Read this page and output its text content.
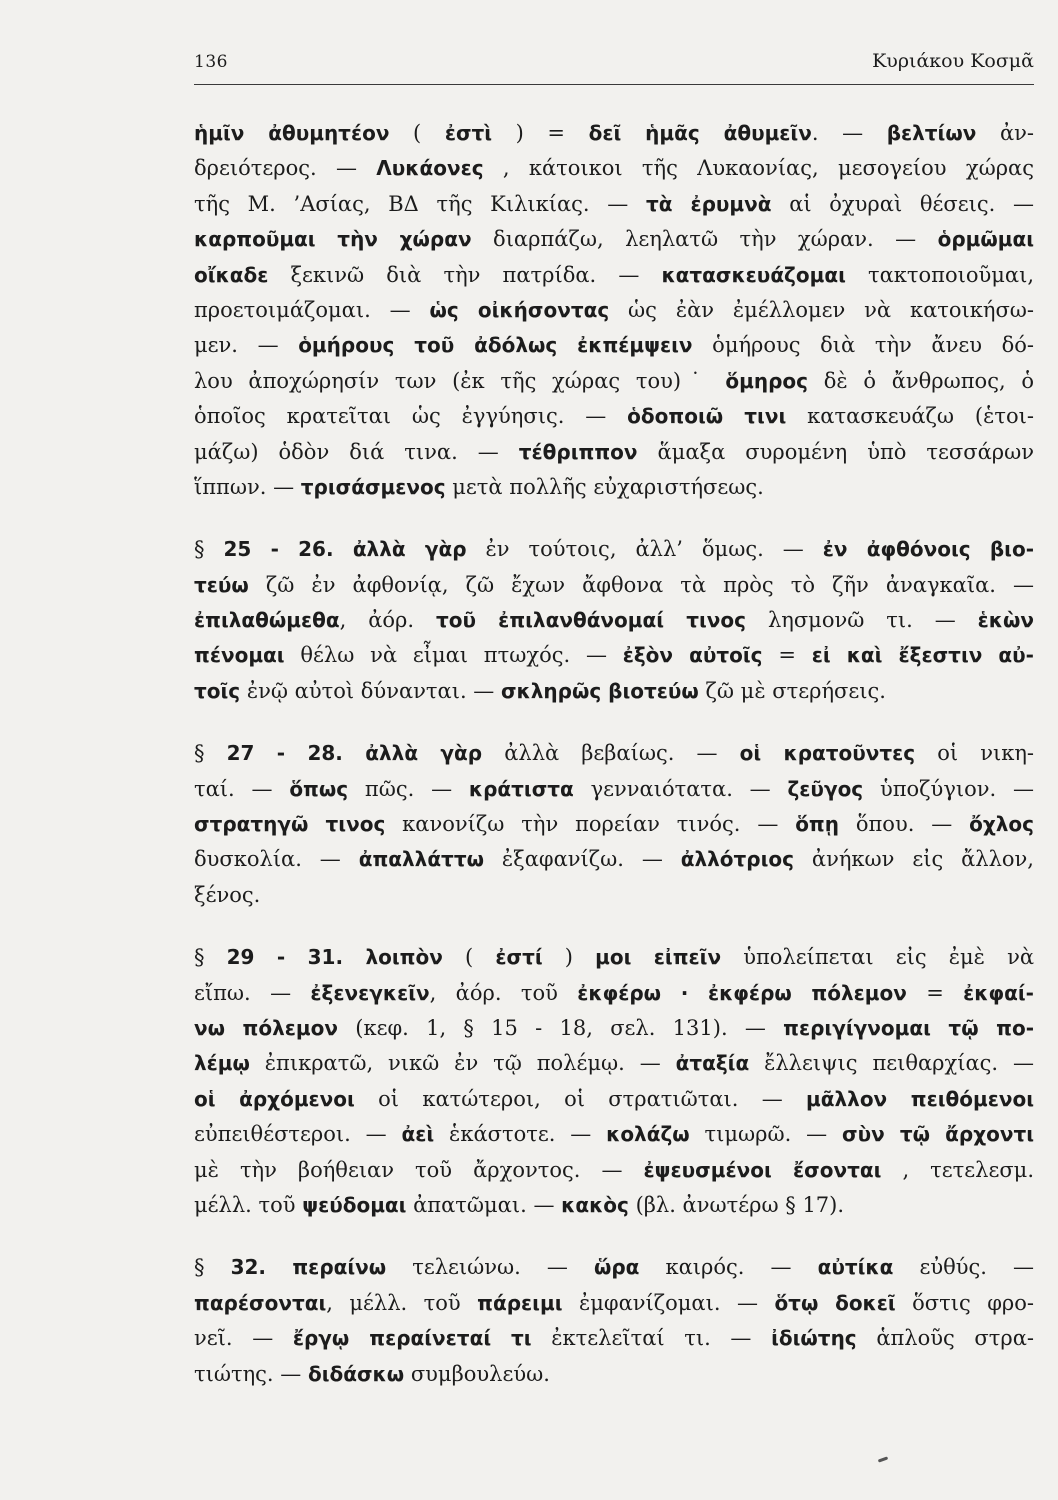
136	Κυριάκου Κοσμᾶ
ἡμῖν ἀθυμητέον ( ἐστὶ ) = δεῖ ἡμᾶς ἀθυμεῖν. — βελτίων ἀν-
δρειότερος. — Λυκάονες , κάτοικοι τῆς Λυκαονίας, μεσογείου χώρας
τῆς Μ. ’Ασίας, ΒΔ τῆς Κιλικίας. — τὰ ἐρυμνὰ αἱ ὀχυραὶ θέσεις. —
καρποῦμαι τὴν χώραν διαρπάζω, λεηλατῶ τὴν χώραν. — ὁρμῶμαι
οἴκαδε ξεκινῶ διὰ τὴν πατρίδα. — κατασκευάζομαι τακτοποιοῦμαι,
προετοιμάζομαι. — ὡς οἰκήσοντας ὡς ἐὰν ἐμέλλομεν νὰ κατοικήσω-
μεν. — ὁμήρους τοῦ ἀδόλως ἐκπέμψειν ὁμήρους διὰ τὴν ἄνευ δό-
λου ἀποχώρησίν των (ἐκ τῆς χώρας του)˙ ὅμηρος δὲ ὁ ἄνθρωπος, ὁ
ὁποῖος κρατεῖται ὡς ἐγγύησις. — ὁδοποιῶ τινι κατασκευάζω (ἑτοι-
μάζω) ὁδὸν διά τινα. — τέθριππον ἅμαξα συρομένη ὑπὸ τεσσάρων
ἵππων. — τρισάσμενος μετὰ πολλῆς εὐχαριστήσεως.
§ 25 - 26. ἀλλὰ γὰρ ἐν τούτοις, ἀλλ’ ὅμως. — ἐν ἀφθόνοις βιο-
τεύω ζῶ ἐν ἀφθονίᾳ, ζῶ ἔχων ἄφθονα τὰ πρὸς τὸ ζῆν ἀναγκαῖα. —
ἐπιλαθώμεθα, ἀόρ. τοῦ ἐπιλανθάνομαί τινος λησμονῶ τι. — ἑκὼν
πένομαι θέλω νὰ εἶμαι πτωχός. — ἐξὸν αὐτοῖς = εἰ καὶ ἔξεστιν αὐ-
τοῖς ἐνῷ αὐτοὶ δύνανται. — σκληρῶς βιοτεύω ζῶ μὲ στερήσεις.
§ 27 - 28. ἀλλὰ γὰρ ἀλλὰ βεβαίως. — οἱ κρατοῦντες οἱ νικη-
ταί. — ὅπως πῶς. — κράτιστα γενναιότατα. — ζεῦγος ὑποζύγιον. —
στρατηγῶ τινος κανονίζω τὴν πορείαν τινός. — ὅπῃ ὅπου. — ὄχλος
δυσκολία. — ἀπαλλάττω ἐξαφανίζω. — ἀλλότριος ἀνήκων εἰς ἄλλον,
ξένος.
§ 29 - 31. λοιπὸν ( ἐστί ) μοι εἰπεῖν ὑπολείπεται εἰς ἐμὲ νὰ
εἴπω. — ἐξενεγκεῖν, ἀόρ. τοῦ ἐκφέρω · ἐκφέρω πόλεμον = ἐκφαί-
νω πόλεμον (κεφ. 1, § 15 - 18, σελ. 131). — περιγίγνομαι τῷ πο-
λέμῳ ἐπικρατῶ, νικῶ ἐν τῷ πολέμῳ. — ἀταξία ἔλλειψις πειθαρχίας. —
οἱ ἀρχόμενοι οἱ κατώτεροι, οἱ στρατιῶται. — μᾶλλον πειθόμενοι
εὐπειθέστεροι. — ἀεὶ ἑκάστοτε. — κολάζω τιμωρῶ. — σὺν τῷ ἄρχοντι
μὲ τὴν βοήθειαν τοῦ ἄρχοντος. — ἐψευσμένοι ἔσονται , τετελεσμ.
μέλλ. τοῦ ψεύδομαι ἀπατῶμαι. — κακὸς (βλ. ἀνωτέρω § 17).
§ 32. περαίνω τελειώνω. — ὥρα καιρός. — αὐτίκα εὐθύς. —
παρέσονται, μέλλ. τοῦ πάρειμι ἐμφανίζομαι. — ὅτῳ δοκεῖ ὅστις φρο-
νεῖ. — ἔργῳ περαίνεταί τι ἐκτελεῖταί τι. — ἰδιώτης ἁπλοῦς στρα-
τιώτης. — διδάσκω συμβουλεύω.
